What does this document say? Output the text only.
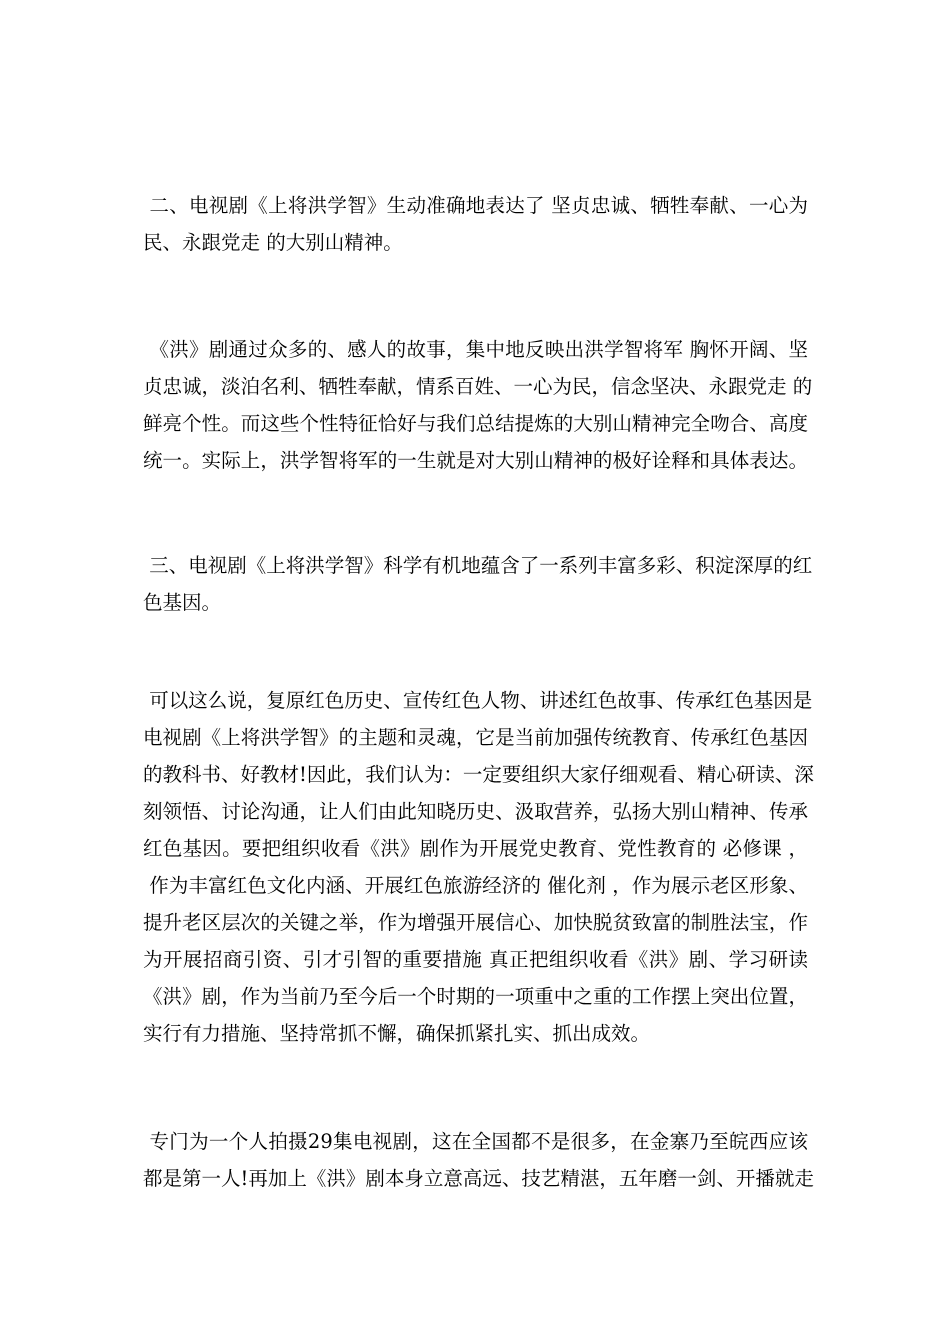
二、电视剧《上将洪学智》生动准确地表达了 坚贞忠诚、牺牲奉献、一心为
民、永跟党走 的大别山精神。
《洪》剧通过众多的、感人的故事，集中地反映出洪学智将军 胸怀开阔、坚
贞忠诚，淡泊名利、牺牲奉献，情系百姓、一心为民，信念坚决、永跟党走 的
鲜亮个性。而这些个性特征恰好与我们总结提炼的大别山精神完全吻合、高度
统一。实际上，洪学智将军的一生就是对大别山精神的极好诠释和具体表达。
三、电视剧《上将洪学智》科学有机地蕴含了一系列丰富多彩、积淀深厚的红
色基因。
可以这么说，复原红色历史、宣传红色人物、讲述红色故事、传承红色基因是
电视剧《上将洪学智》的主题和灵魂，它是当前加强传统教育、传承红色基因
的教科书、好教材!因此，我们认为：一定要组织大家仔细观看、精心研读、深
刻领悟、讨论沟通，让人们由此知晓历史、汲取营养，弘扬大别山精神、传承
红色基因。要把组织收看《洪》剧作为开展党史教育、党性教育的 必修课 ，
作为丰富红色文化内涵、开展红色旅游经济的 催化剂 ，作为展示老区形象、
提升老区层次的关键之举，作为增强开展信心、加快脱贫致富的制胜法宝，作
为开展招商引资、引才引智的重要措施 真正把组织收看《洪》剧、学习研读
《洪》剧，作为当前乃至今后一个时期的一项重中之重的工作摆上突出位置，
实行有力措施、坚持常抓不懈，确保抓紧扎实、抓出成效。
专门为一个人拍摄29集电视剧，这在全国都不是很多，在金寨乃至皖西应该
都是第一人!再加上《洪》剧本身立意高远、技艺精湛，五年磨一剑、开播就走
